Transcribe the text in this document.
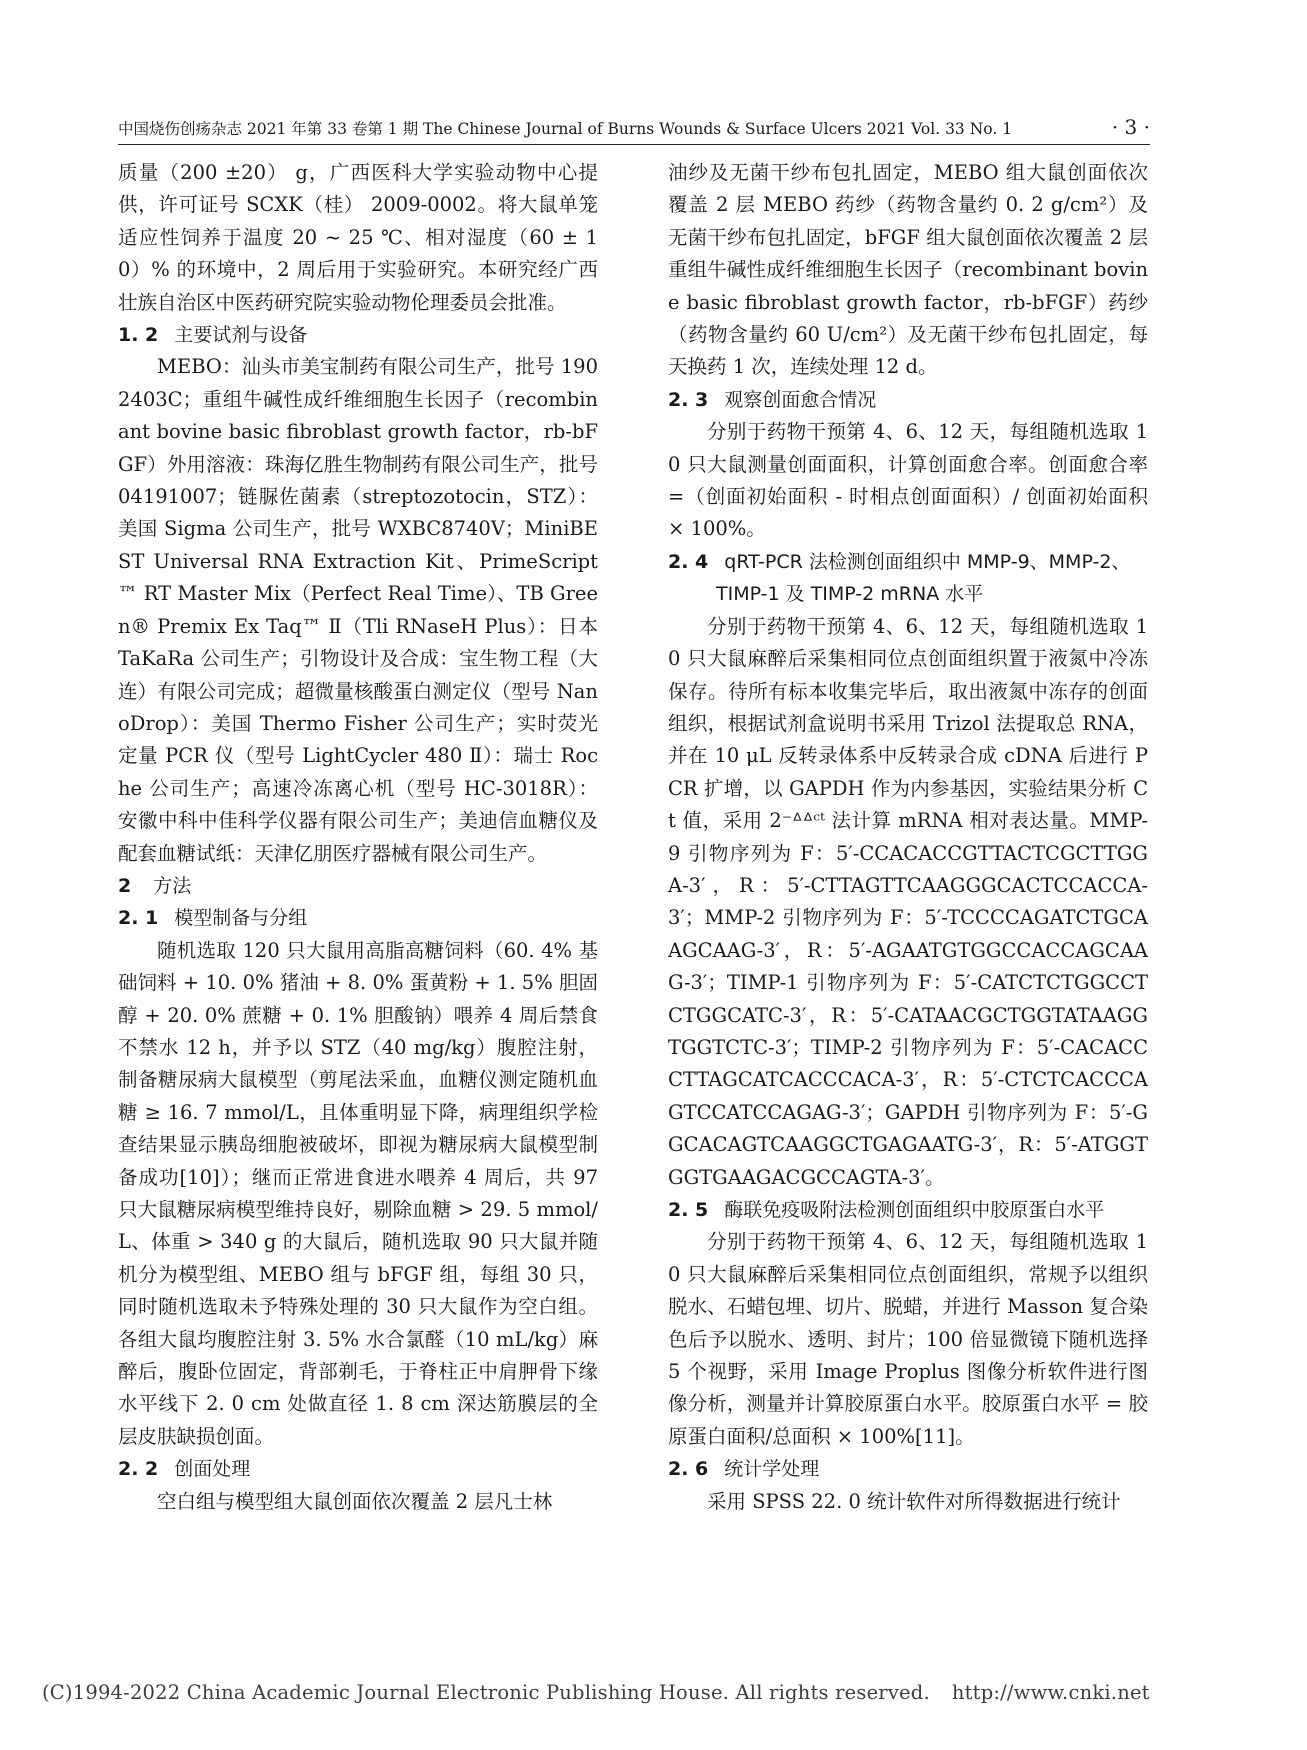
中国烧伤创疡杂志 2021 年第 33 卷第 1 期 The Chinese Journal of Burns Wounds & Surface Ulcers 2021 Vol. 33 No. 1	· 3 ·

质量（200 ±20） g，广西医科大学实验动物中心提供，许可证号 SCXK（桂） 2009-0002。将大鼠单笼适应性饲养于温度 20 ~ 25 ℃、相对湿度（60 ± 10）% 的环境中，2 周后用于实验研究。本研究经广西壮族自治区中医药研究院实验动物伦理委员会批准。

1. 2 主要试剂与设备

MEBO：汕头市美宝制药有限公司生产，批号 1902403C；重组牛碱性成纤维细胞生长因子（recombinant bovine basic fibroblast growth factor，rb-bFGF）外用溶液：珠海亿胜生物制药有限公司生产，批号 04191007；链脲佐菌素（streptozotocin，STZ）：美国 Sigma 公司生产，批号 WXBC8740V；MiniBEST Universal RNA Extraction Kit、PrimeScript™ RT Master Mix（Perfect Real Time）、TB Green® Premix Ex Taq™ Ⅱ（Tli RNaseH Plus）：日本 TaKaRa 公司生产；引物设计及合成：宝生物工程（大连）有限公司完成；超微量核酸蛋白测定仪（型号 NanoDrop）：美国 Thermo Fisher 公司生产；实时荧光定量 PCR 仪（型号 LightCycler 480 Ⅱ）：瑞士 Roche 公司生产；高速冷冻离心机（型号 HC-3018R）：安徽中科中佳科学仪器有限公司生产；美迪信血糖仪及配套血糖试纸：天津亿朋医疗器械有限公司生产。

2 方法
2. 1 模型制备与分组

随机选取 120 只大鼠用高脂高糖饲料（60. 4% 基础饲料 + 10. 0% 猪油 + 8. 0% 蛋黄粉 + 1. 5% 胆固醇 + 20. 0% 蔗糖 + 0. 1% 胆酸钠）喂养 4 周后禁食不禁水 12 h，并予以 STZ（40 mg/kg）腹腔注射，制备糖尿病大鼠模型（剪尾法采血，血糖仪测定随机血糖 ≥ 16. 7 mmol/L，且体重明显下降，病理组织学检查结果显示胰岛细胞被破坏，即视为糖尿病大鼠模型制备成功[10]）；继而正常进食进水喂养 4 周后，共 97 只大鼠糖尿病模型维持良好，剔除血糖 > 29. 5 mmol/L、体重 > 340 g 的大鼠后，随机选取 90 只大鼠并随机分为模型组、MEBO 组与 bFGF 组，每组 30 只，同时随机选取未予特殊处理的 30 只大鼠作为空白组。各组大鼠均腹腔注射 3. 5% 水合氯醛（10 mL/kg）麻醉后，腹卧位固定，背部剃毛，于脊柱正中肩胛骨下缘水平线下 2. 0 cm 处做直径 1. 8 cm 深达筋膜层的全层皮肤缺损创面。

2. 2 创面处理

空白组与模型组大鼠创面依次覆盖 2 层凡士林

油纱及无菌干纱布包扎固定，MEBO 组大鼠创面依次覆盖 2 层 MEBO 药纱（药物含量约 0. 2 g/cm²）及无菌干纱布包扎固定，bFGF 组大鼠创面依次覆盖 2 层重组牛碱性成纤维细胞生长因子（recombinant bovine basic fibroblast growth factor，rb-bFGF）药纱（药物含量约 60 U/cm²）及无菌干纱布包扎固定，每天换药 1 次，连续处理 12 d。

2. 3 观察创面愈合情况

分别于药物干预第 4、6、12 天，每组随机选取 10 只大鼠测量创面面积，计算创面愈合率。创面愈合率 =（创面初始面积 - 时相点创面面积）/ 创面初始面积 × 100%。

2. 4 qRT-PCR 法检测创面组织中 MMP-9、MMP-2、TIMP-1 及 TIMP-2 mRNA 水平

分别于药物干预第 4、6、12 天，每组随机选取 10 只大鼠麻醉后采集相同位点创面组织置于液氮中冷冻保存。待所有标本收集完毕后，取出液氮中冻存的创面组织，根据试剂盒说明书采用 Trizol 法提取总 RNA，并在 10 μL 反转录体系中反转录合成 cDNA 后进行 PCR 扩增，以 GAPDH 作为内参基因，实验结果分析 Ct 值，采用 2⁻ᐞᐞᶜᵗ 法计算 mRNA 相对表达量。MMP-9 引物序列为 F：5′-CCACACCGTTACTCGCTTGGA-3′，R：5′-CTTAGTTCAAGGGCACTCCACCA-3′；MMP-2 引物序列为 F：5′-TCCCCAGATCTGCAAGCAAG-3′，R：5′-AGAATGTGGCCACCAGCAAG-3′；TIMP-1 引物序列为 F：5′-CATCTCTGGCCTCTGGCATC-3′，R：5′-CATAACGCTGGTATAAGGTGGTCTC-3′；TIMP-2 引物序列为 F：5′-CACACCCTTAGCATCACCCACA-3′，R：5′-CTCTCACCCAGTCCATCCAGAG-3′；GAPDH 引物序列为 F：5′-GGCACAGTCAAGGCTGAGAATG-3′，R：5′-ATGGTGGTGAAGACGCCAGTA-3′。

2. 5 酶联免疫吸附法检测创面组织中胶原蛋白水平

分别于药物干预第 4、6、12 天，每组随机选取 10 只大鼠麻醉后采集相同位点创面组织，常规予以组织脱水、石蜡包埋、切片、脱蜡，并进行 Masson 复合染色后予以脱水、透明、封片；100 倍显微镜下随机选择 5 个视野，采用 Image Proplus 图像分析软件进行图像分析，测量并计算胶原蛋白水平。胶原蛋白水平 = 胶原蛋白面积/总面积 × 100%[11]。

2. 6 统计学处理

采用 SPSS 22. 0 统计软件对所得数据进行统计

(C)1994-2022 China Academic Journal Electronic Publishing House. All rights reserved. http://www.cnki.net
